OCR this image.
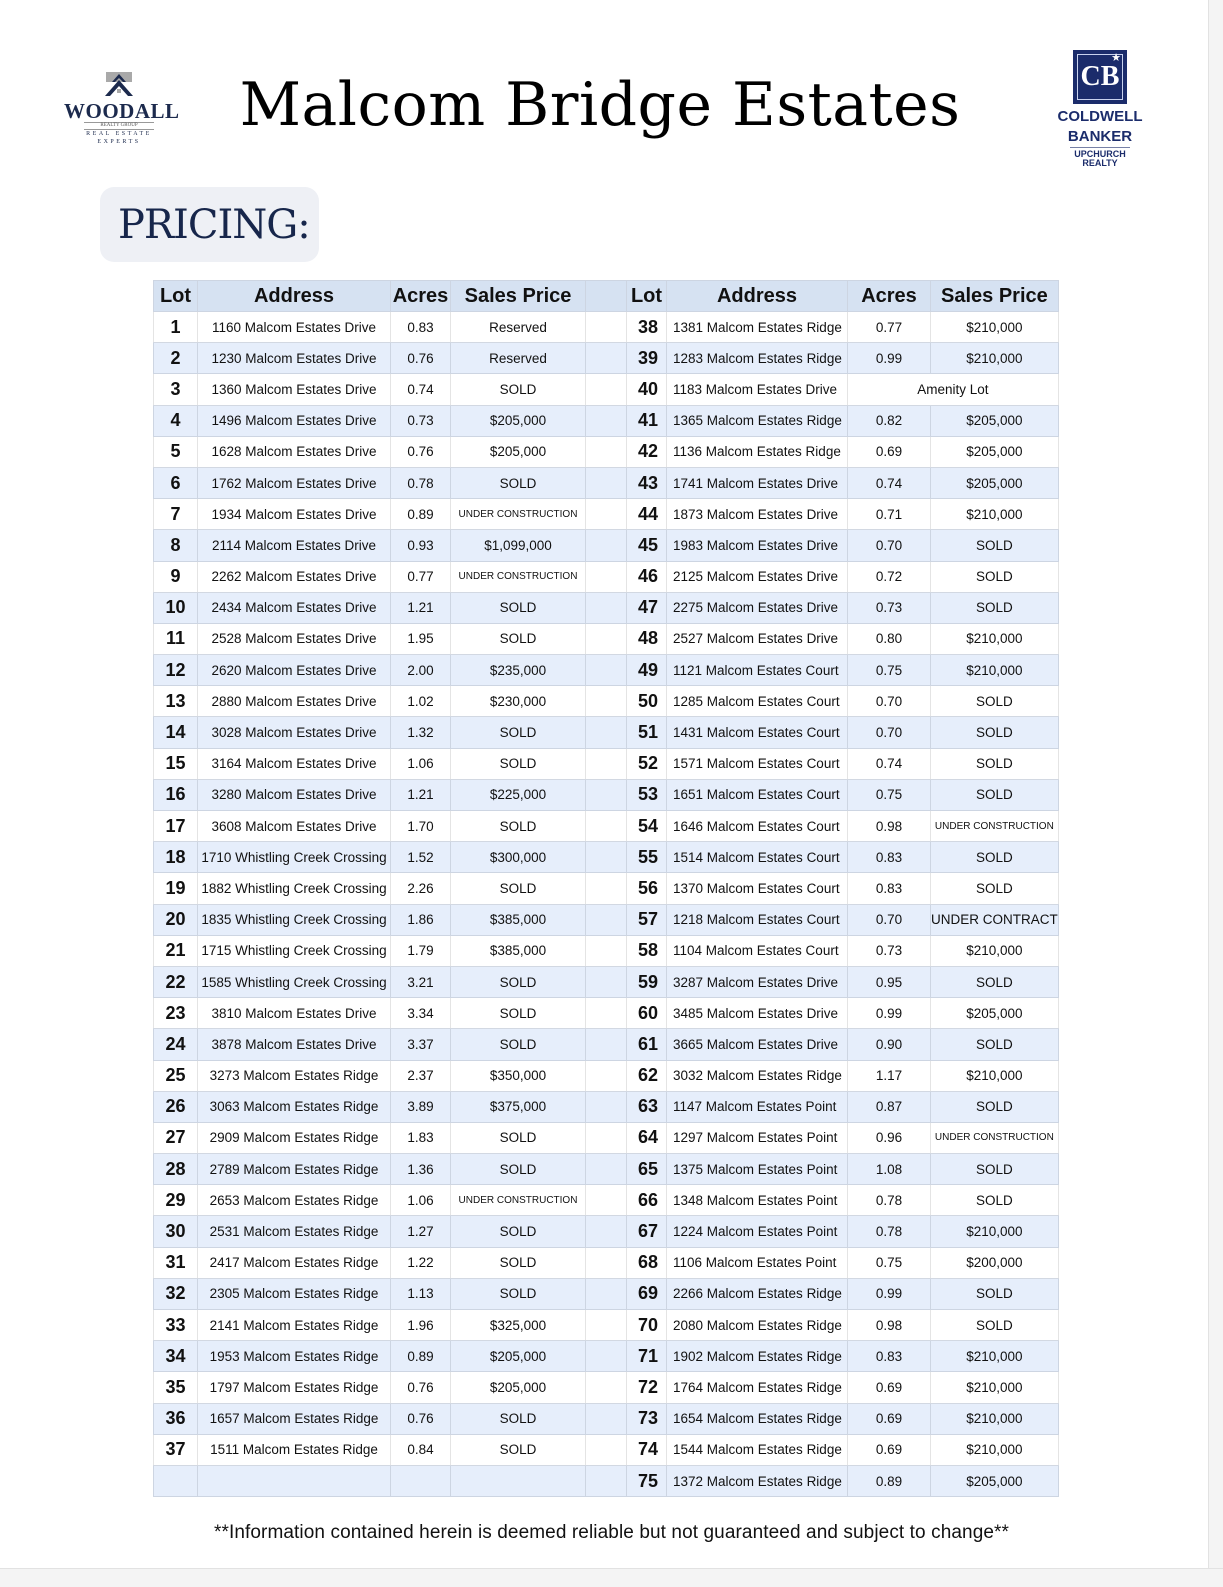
WOODALL
REALTY GROUP
REAL ESTATE EXPERTS
Malcom Bridge Estates	CB
★
COLDWELL
BANKER
UPCHURCH
REALTY
PRICING:
Lot	Address	Acres	Sales Price		Lot	Address	Acres	Sales Price
1	1160 Malcom Estates Drive	0.83	Reserved		38	1381 Malcom Estates Ridge	0.77	$210,000
2	1230 Malcom Estates Drive	0.76	Reserved		39	1283 Malcom Estates Ridge	0.99	$210,000
3	1360 Malcom Estates Drive	0.74	SOLD		40	1183 Malcom Estates Drive	Amenity Lot	
4	1496 Malcom Estates Drive	0.73	$205,000		41	1365 Malcom Estates Ridge	0.82	$205,000
5	1628 Malcom Estates Drive	0.76	$205,000		42	1136 Malcom Estates Ridge	0.69	$205,000
6	1762 Malcom Estates Drive	0.78	SOLD		43	1741 Malcom Estates Drive	0.74	$205,000
7	1934 Malcom Estates Drive	0.89	UNDER CONSTRUCTION		44	1873 Malcom Estates Drive	0.71	$210,000
8	2114 Malcom Estates Drive	0.93	$1,099,000		45	1983 Malcom Estates Drive	0.70	SOLD
9	2262 Malcom Estates Drive	0.77	UNDER CONSTRUCTION		46	2125 Malcom Estates Drive	0.72	SOLD
10	2434 Malcom Estates Drive	1.21	SOLD		47	2275 Malcom Estates Drive	0.73	SOLD
11	2528 Malcom Estates Drive	1.95	SOLD		48	2527 Malcom Estates Drive	0.80	$210,000
12	2620 Malcom Estates Drive	2.00	$235,000		49	1121 Malcom Estates Court	0.75	$210,000
13	2880 Malcom Estates Drive	1.02	$230,000		50	1285 Malcom Estates Court	0.70	SOLD
14	3028 Malcom Estates Drive	1.32	SOLD		51	1431 Malcom Estates Court	0.70	SOLD
15	3164 Malcom Estates Drive	1.06	SOLD		52	1571 Malcom Estates Court	0.74	SOLD
16	3280 Malcom Estates Drive	1.21	$225,000		53	1651 Malcom Estates Court	0.75	SOLD
17	3608 Malcom Estates Drive	1.70	SOLD		54	1646 Malcom Estates Court	0.98	UNDER CONSTRUCTION
18	1710 Whistling Creek Crossing	1.52	$300,000		55	1514 Malcom Estates Court	0.83	SOLD
19	1882 Whistling Creek Crossing	2.26	SOLD		56	1370 Malcom Estates Court	0.83	SOLD
20	1835 Whistling Creek Crossing	1.86	$385,000		57	1218 Malcom Estates Court	0.70	UNDER CONTRACT
21	1715 Whistling Creek Crossing	1.79	$385,000		58	1104 Malcom Estates Court	0.73	$210,000
22	1585 Whistling Creek Crossing	3.21	SOLD		59	3287 Malcom Estates Drive	0.95	SOLD
23	3810 Malcom Estates Drive	3.34	SOLD		60	3485 Malcom Estates Drive	0.99	$205,000
24	3878 Malcom Estates Drive	3.37	SOLD		61	3665 Malcom Estates Drive	0.90	SOLD
25	3273 Malcom Estates Ridge	2.37	$350,000		62	3032 Malcom Estates Ridge	1.17	$210,000
26	3063 Malcom Estates Ridge	3.89	$375,000		63	1147 Malcom Estates Point	0.87	SOLD
27	2909 Malcom Estates Ridge	1.83	SOLD		64	1297 Malcom Estates Point	0.96	UNDER CONSTRUCTION
28	2789 Malcom Estates Ridge	1.36	SOLD		65	1375 Malcom Estates Point	1.08	SOLD
29	2653 Malcom Estates Ridge	1.06	UNDER CONSTRUCTION		66	1348 Malcom Estates Point	0.78	SOLD
30	2531 Malcom Estates Ridge	1.27	SOLD		67	1224 Malcom Estates Point	0.78	$210,000
31	2417 Malcom Estates Ridge	1.22	SOLD		68	1106 Malcom Estates Point	0.75	$200,000
32	2305 Malcom Estates Ridge	1.13	SOLD		69	2266 Malcom Estates Ridge	0.99	SOLD
33	2141 Malcom Estates Ridge	1.96	$325,000		70	2080 Malcom Estates Ridge	0.98	SOLD
34	1953 Malcom Estates Ridge	0.89	$205,000		71	1902 Malcom Estates Ridge	0.83	$210,000
35	1797 Malcom Estates Ridge	0.76	$205,000		72	1764 Malcom Estates Ridge	0.69	$210,000
36	1657 Malcom Estates Ridge	0.76	SOLD		73	1654 Malcom Estates Ridge	0.69	$210,000
37	1511 Malcom Estates Ridge	0.84	SOLD		74	1544 Malcom Estates Ridge	0.69	$210,000
					75	1372 Malcom Estates Ridge	0.89	$205,000
**Information contained herein is deemed reliable but not guaranteed and subject to change**
